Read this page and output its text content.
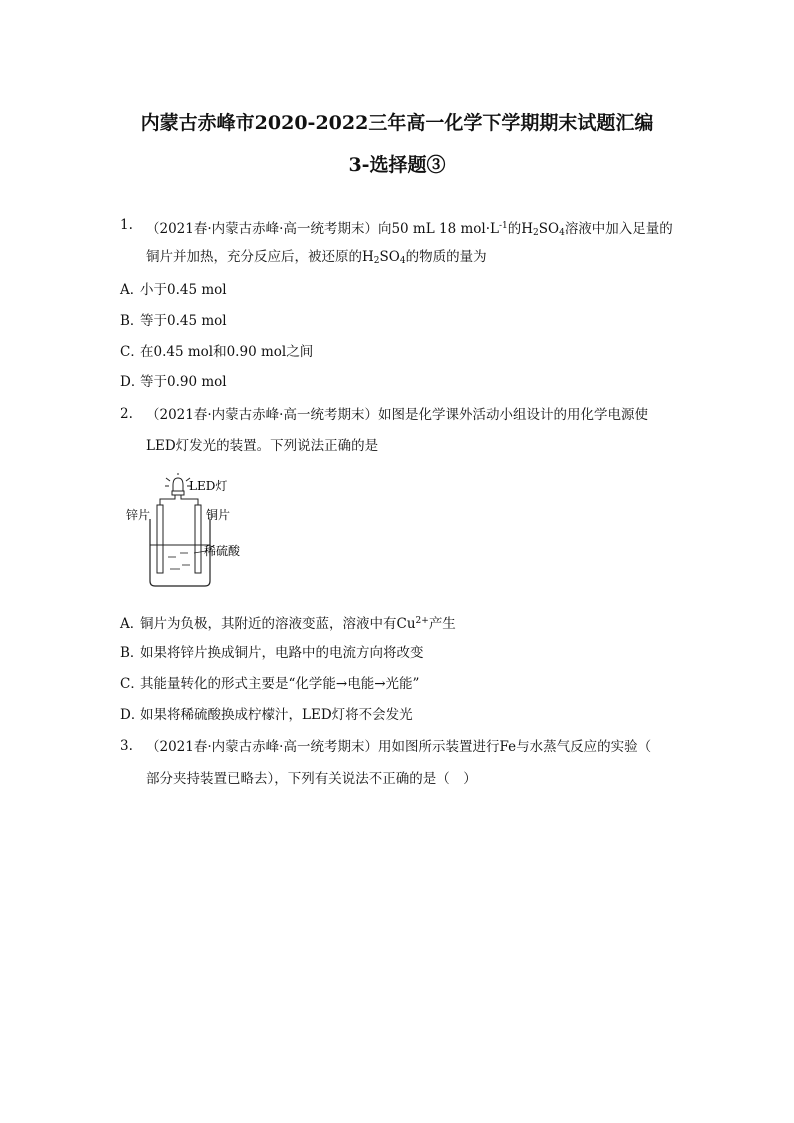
内蒙古赤峰市2020-2022三年高一化学下学期期末试题汇编
3-选择题③
1. （2021春·内蒙古赤峰·高一统考期末）向50 mL 18 $mol\cdot L^{-1}$的$H_2SO_4$溶液中加入足量的
铜片并加热，充分反应后，被还原的$H_2SO_4$的物质的量为
A．小于0.45 mol
B．等于0.45 mol
C．在0.45 mol和0.90 mol之间
D．等于0.90 mol
2. （2021春·内蒙古赤峰·高一统考期末）如图是化学课外活动小组设计的用化学电源使
LED灯发光的装置。下列说法正确的是
LED灯
锌片	铜片
稀硫酸
A．铜片为负极，其附近的溶液变蓝，溶液中有$Cu^{2+}$产生
B．如果将锌片换成铜片，电路中的电流方向将改变
C．其能量转化的形式主要是“化学能→电能→光能”
D．如果将稀硫酸换成柠檬汁，LED灯将不会发光
3. （2021春·内蒙古赤峰·高一统考期末）用如图所示装置进行Fe与水蒸气反应的实验（
部分夹持装置已略去），下列有关说法不正确的是（　）
